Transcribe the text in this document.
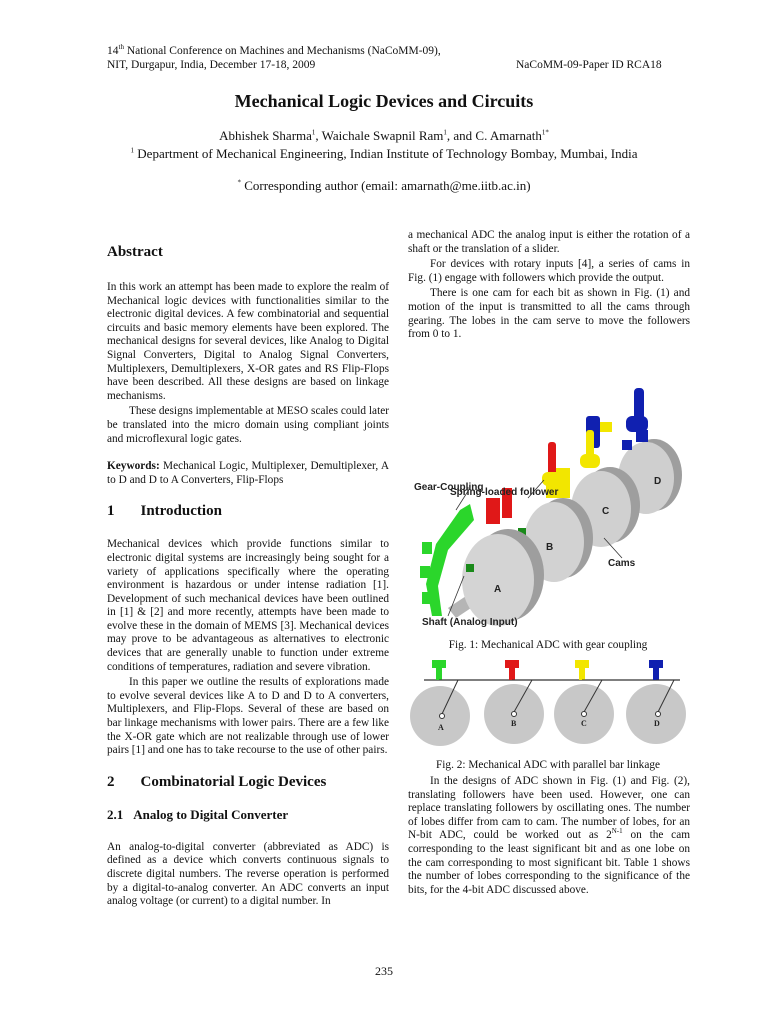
14th National Conference on Machines and Mechanisms (NaCoMM-09),
NIT, Durgapur, India, December 17-18, 2009	NaCoMM-09-Paper ID RCA18
Mechanical Logic Devices and Circuits
Abhishek Sharma$^1$, Waichale Swapnil Ram$^1$, and C. Amarnath$^{1*}$
$^1$ Department of Mechanical Engineering, Indian Institute of Technology Bombay, Mumbai, India
* Corresponding author (email: amarnath@me.iitb.ac.in)
Abstract
In this work an attempt has been made to explore the realm of Mechanical logic devices with functionalities similar to the electronic digital devices. A few combinatorial and sequential circuits and basic memory elements have been explored. The mechanical designs for several devices, like Analog to Digital Signal Converters, Digital to Analog Signal Converters, Multiplexers, Demultiplexers, X-OR gates and RS Flip-Flops have been described. All these designs are based on linkage mechanisms.
These designs implementable at MESO scales could later be translated into the micro domain using compliant joints and microflexural logic gates.
Keywords: Mechanical Logic, Multiplexer, Demultiplexer, A to D and D to A Converters, Flip-Flops
1 Introduction
Mechanical devices which provide functions similar to electronic digital systems are increasingly being sought for a variety of applications specifically where the operating environment is hazardous or under intense radiation [1]. Development of such mechanical devices have been outlined in [1] & [2] and more recently, attempts have been made to evolve these in the domain of MEMS [3]. Mechanical devices may prove to be advantageous as alternatives to electronic devices that are generally unable to function under extreme conditions of temperatures, radiation and severe vibration.
In this paper we outline the results of explorations made to evolve several devices like A to D and D to A converters, Multiplexers, and Flip-Flops. Several of these are based on bar linkage mechanisms with lower pairs. There are a few like the X-OR gate which are not realizable through use of lower pairs [1] and one has to take recourse to the use of other pairs.
2 Combinatorial Logic Devices
2.1 Analog to Digital Converter
An analog-to-digital converter (abbreviated as ADC) is defined as a device which converts continuous signals to discrete digital numbers. The reverse operation is performed by a digital-to-analog converter. An ADC converts an input analog voltage (or current) to a digital number. In
a mechanical ADC the analog input is either the rotation of a shaft or the translation of a slider.
For devices with rotary inputs [4], a series of cams in Fig. (1) engage with followers which provide the output.
There is one cam for each bit as shown in Fig. (1) and motion of the input is transmitted to all the cams through gearing. The lobes in the cam serve to move the followers from 0 to 1.
Spring-loaded follower
Gear-Coupling
Cams
Shaft (Analog Input)
A
B
C
D
Fig. 1: Mechanical ADC with gear coupling
A	B	C	D
Fig. 2: Mechanical ADC with parallel bar linkage
In the designs of ADC shown in Fig. (1) and Fig. (2), translating followers have been used. However, one can replace translating followers by oscillating ones. The number of lobes differ from cam to cam. The number of lobes, for an N-bit ADC, could be worked out as $2^{N-1}$ on the cam corresponding to the least significant bit and as one lobe on the cam corresponding to most significant bit. Table 1 shows the number of lobes corresponding to the significance of the bits, for the 4-bit ADC discussed above.
235
